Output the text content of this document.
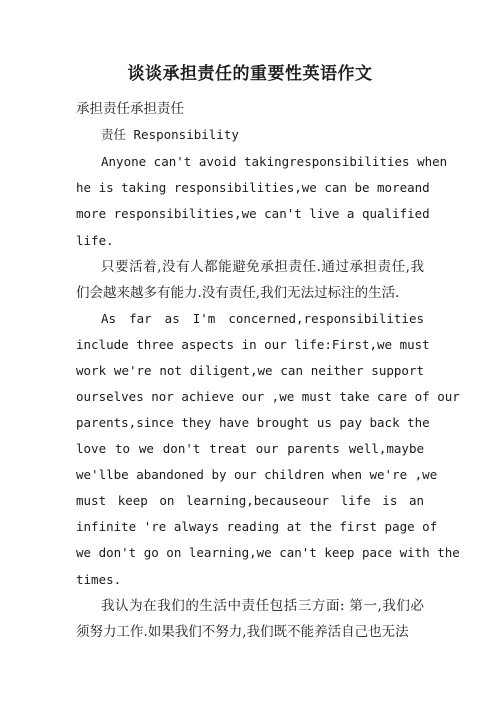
谈谈承担责任的重要性英语作文
承担责任承担责任
责任 Responsibility
Anyone can't avoid takingresponsibilities when
he is taking responsibilities,we can be moreand
more responsibilities,we can't live a qualified
life.
只要活着,没有人都能避免承担责任.通过承担责任,我
们会越来越多有能力.没有责任,我们无法过标注的生活.
As far as I'm concerned,responsibilities
include three aspects in our life:First,we must
work we're not diligent,we can neither support
ourselves nor achieve our ,we must take care of our
parents,since they have brought us pay back the
love to we don't treat our parents well,maybe
we'llbe abandoned by our children when we're ,we
must keep on learning,becauseour life is an
infinite 're always reading at the first page of
we don't go on learning,we can't keep pace with the
times.
我认为在我们的生活中责任包括三方面: 第一,我们必
须努力工作.如果我们不努力,我们既不能养活自己也无法
